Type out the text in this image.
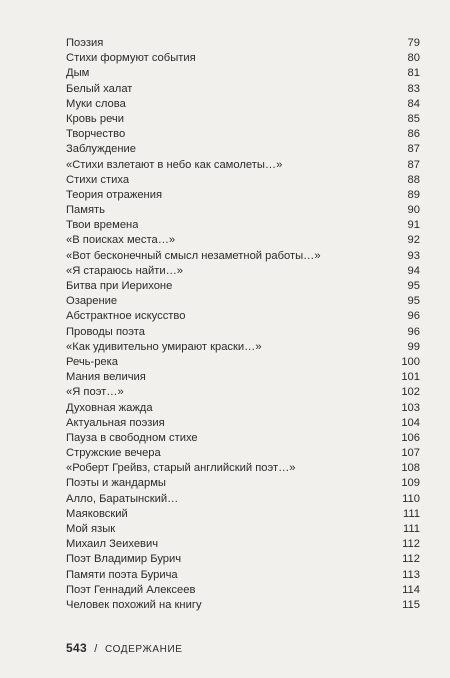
Поэзия	79
Стихи формуют события	80
Дым	81
Белый халат	83
Муки слова	84
Кровь речи	85
Творчество	86
Заблуждение	87
«Стихи взлетают в небо как самолеты…»	87
Стихи стиха	88
Теория отражения	89
Память	90
Твои времена	91
«В поисках места…»	92
«Вот бесконечный смысл незаметной работы…»	93
«Я стараюсь найти…»	94
Битва при Иерихоне	95
Озарение	95
Абстрактное искусство	96
Проводы поэта	96
«Как удивительно умирают краски…»	99
Речь-река	100
Мания величия	101
«Я поэт…»	102
Духовная жажда	103
Актуальная поэзия	104
Пауза в свободном стихе	106
Стружские вечера	107
«Роберт Грейвз, старый английский поэт…»	108
Поэты и жандармы	109
Алло, Баратынский…	110
Маяковский	111
Мой язык	111
Михаил Зеихевич	112
Поэт Владимир Бурич	112
Памяти поэта Бурича	113
Поэт Геннадий Алексеев	114
Человек похожий на книгу	115
543 / СОДЕРЖАНИЕ
